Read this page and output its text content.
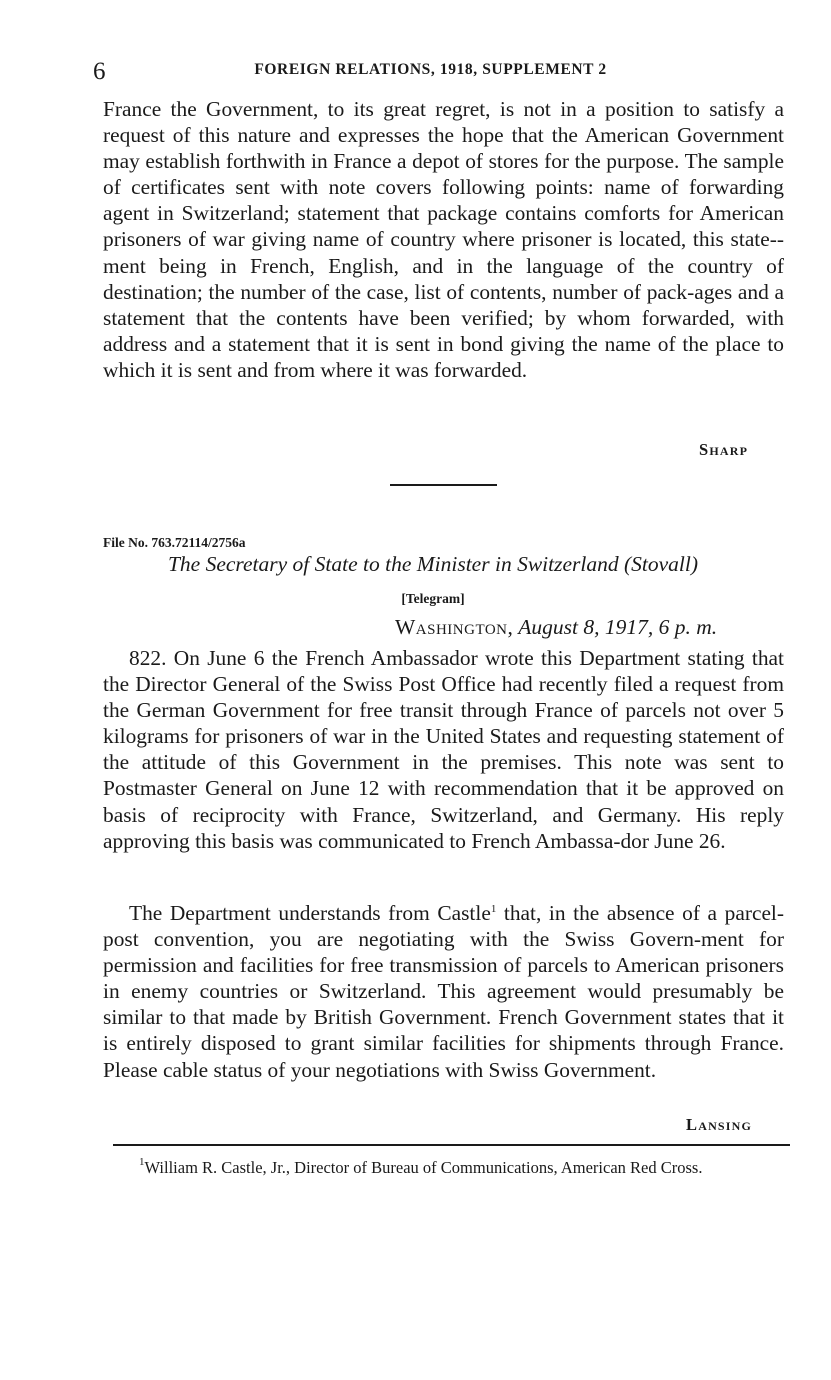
6	FOREIGN RELATIONS, 1918, SUPPLEMENT 2

France the Government, to its great regret, is not in a position to satisfy a request of this nature and expresses the hope that the American Government may establish forthwith in France a depot of stores for the purpose. The sample of certificates sent with note covers following points: name of forwarding agent in Switzerland; statement that package contains comforts for American prisoners of war giving name of country where prisoner is located, this state-ment being in French, English, and in the language of the country of destination; the number of the case, list of contents, number of pack-ages and a statement that the contents have been verified; by whom forwarded, with address and a statement that it is sent in bond giving the name of the place to which it is sent and from where it was forwarded.

Sharp
File No. 763.72114/2756a
The Secretary of State to the Minister in Switzerland (Stovall)
[Telegram]
Washington, August 8, 1917, 6 p. m.

822. On June 6 the French Ambassador wrote this Department stating that the Director General of the Swiss Post Office had recently filed a request from the German Government for free transit through France of parcels not over 5 kilograms for prisoners of war in the United States and requesting statement of the attitude of this Government in the premises. This note was sent to Postmaster General on June 12 with recommendation that it be approved on basis of reciprocity with France, Switzerland, and Germany. His reply approving this basis was communicated to French Ambassa-dor June 26.

The Department understands from Castle$^1$ that, in the absence of a parcel-post convention, you are negotiating with the Swiss Govern-ment for permission and facilities for free transmission of parcels to American prisoners in enemy countries or Switzerland. This agreement would presumably be similar to that made by British Government. French Government states that it is entirely disposed to grant similar facilities for shipments through France. Please cable status of your negotiations with Swiss Government.

Lansing

$^1$William R. Castle, Jr., Director of Bureau of Communications, American Red Cross.
